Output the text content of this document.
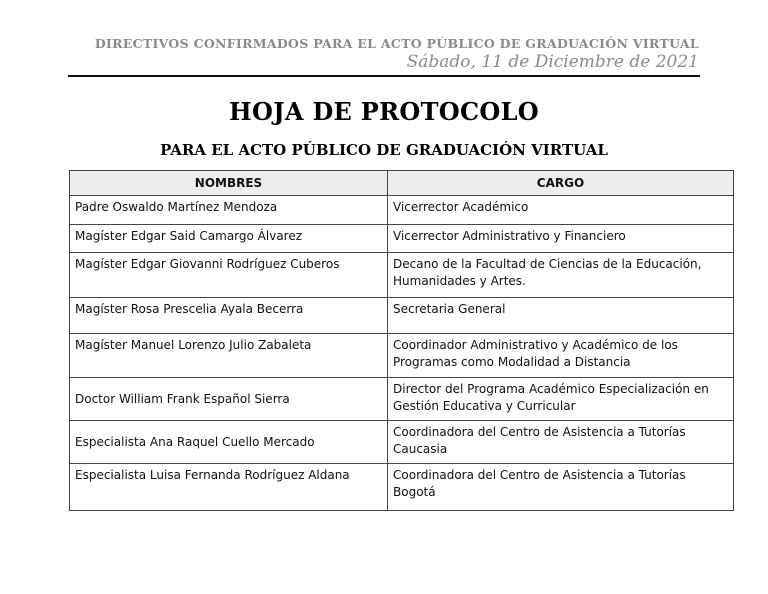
DIRECTIVOS CONFIRMADOS PARA EL ACTO PÚBLICO DE GRADUACIÓN VIRTUAL
Sábado, 11 de Diciembre de 2021
HOJA DE PROTOCOLO
PARA EL ACTO PÚBLICO DE GRADUACIÓN VIRTUAL
NOMBRES	CARGO
Padre Oswaldo Martínez Mendoza	Vicerrector Académico
Magíster Edgar Said Camargo Álvarez	Vicerrector Administrativo y Financiero
Magíster Edgar Giovanni Rodríguez Cuberos	Decano de la Facultad de Ciencias de la Educación, Humanidades y Artes.
Magíster Rosa Prescelia Ayala Becerra	Secretaria General
Magíster Manuel Lorenzo Julio Zabaleta	Coordinador Administrativo y Académico de los Programas como Modalidad a Distancia
Doctor William Frank Español Sierra	Director del Programa Académico Especialización en Gestión Educativa y Curricular
Especialista Ana Raquel Cuello Mercado	Coordinadora del Centro de Asistencia a Tutorías Caucasia
Especialista Luisa Fernanda Rodríguez Aldana	Coordinadora del Centro de Asistencia a Tutorías Bogotá
